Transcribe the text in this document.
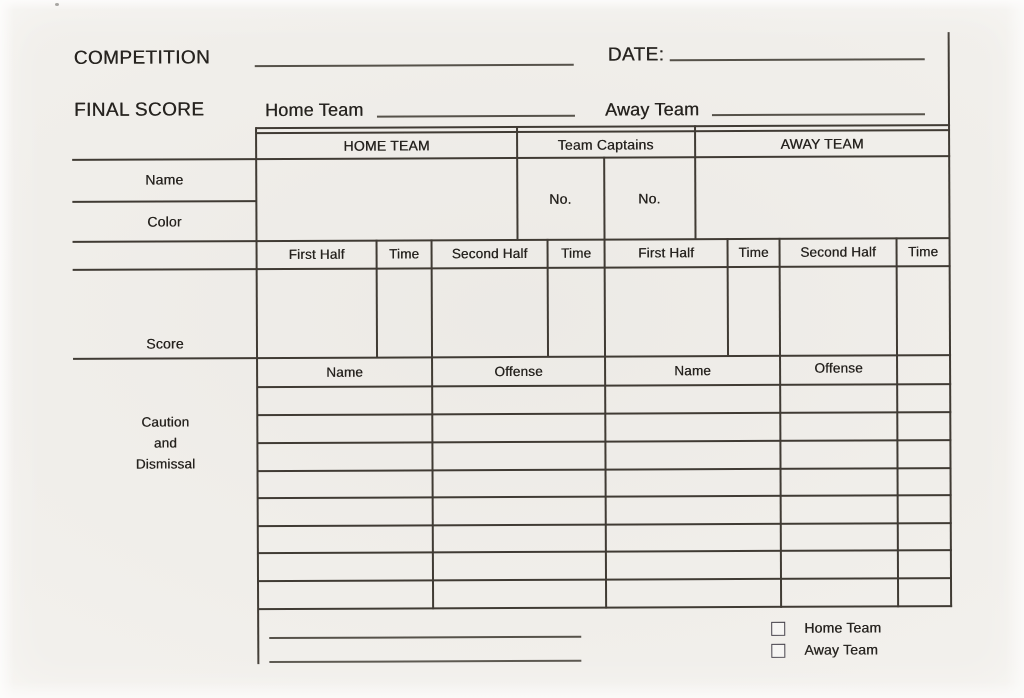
COMPETITION	DATE:
FINAL SCORE	Home Team	Away Team
HOME TEAM	Team Captains	AWAY TEAM
No.	No.
Name
Color
Score
Caution
and
Dismissal
First Half	Time	Second Half	Time	First Half	Time	Second Half	Time
Name	Offense	Name	Offense
Home Team
Away Team
